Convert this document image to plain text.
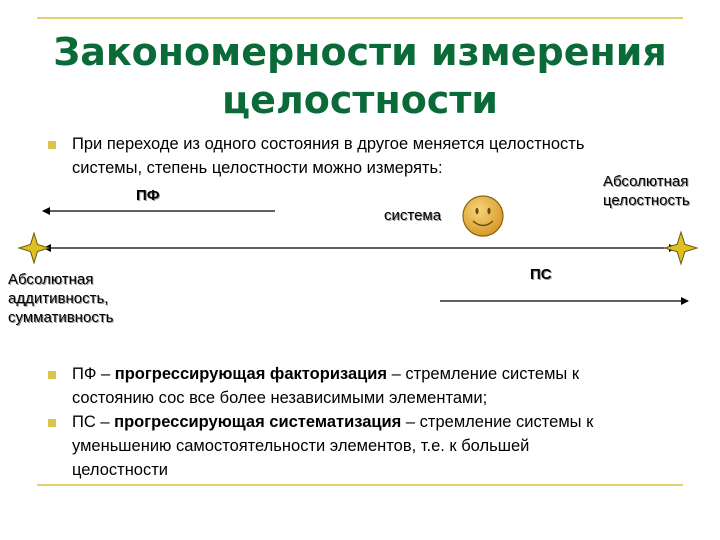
Закономерности измерения
целостности
При переходе из одного состояния в другое меняется целостность
системы, степень целостности можно измерять:
ПФ
система
ПС
Абсолютная
целостность
Абсолютная
аддитивность,
суммативность
ПФ – прогрессирующая факторизация – стремление системы к
состоянию сос все более независимыми элементами;
ПС – прогрессирующая систематизация – стремление системы к
уменьшению самостоятельности элементов, т.е. к большей
целостности
